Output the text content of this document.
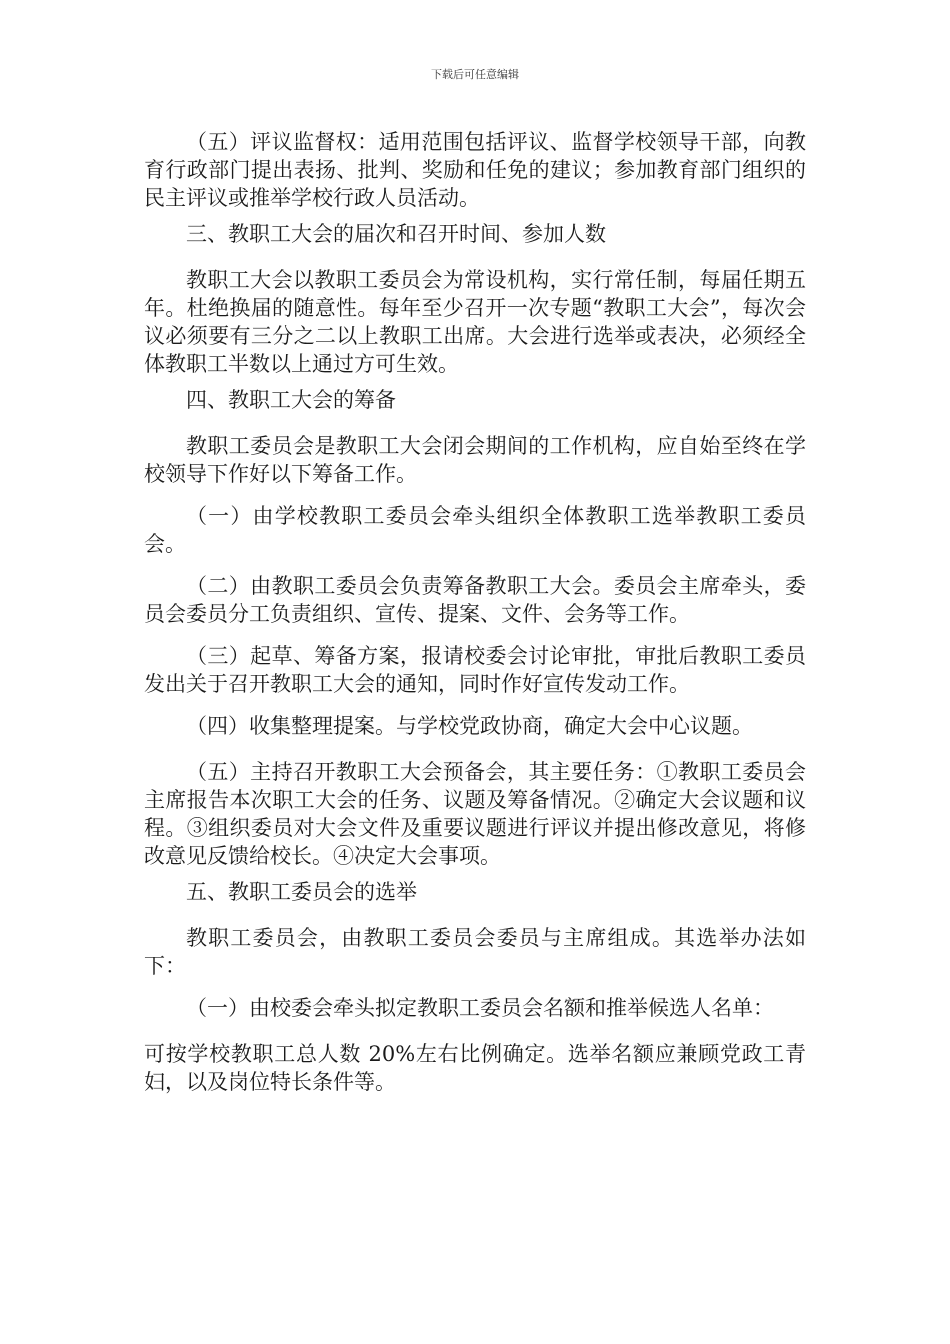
下载后可任意编辑

（五）评议监督权：适用范围包括评议、监督学校领导干部，向教育行政部门提出表扬、批判、奖励和任免的建议；参加教育部门组织的民主评议或推举学校行政人员活动。

三、教职工大会的届次和召开时间、参加人数

教职工大会以教职工委员会为常设机构，实行常任制，每届任期五年。杜绝换届的随意性。每年至少召开一次专题“教职工大会”，每次会议必须要有三分之二以上教职工出席。大会进行选举或表决，必须经全体教职工半数以上通过方可生效。

四、教职工大会的筹备

教职工委员会是教职工大会闭会期间的工作机构，应自始至终在学校领导下作好以下筹备工作。

（一）由学校教职工委员会牵头组织全体教职工选举教职工委员会。

（二）由教职工委员会负责筹备教职工大会。委员会主席牵头，委员会委员分工负责组织、宣传、提案、文件、会务等工作。

（三）起草、筹备方案，报请校委会讨论审批，审批后教职工委员发出关于召开教职工大会的通知，同时作好宣传发动工作。

（四）收集整理提案。与学校党政协商，确定大会中心议题。

（五）主持召开教职工大会预备会，其主要任务：①教职工委员会主席报告本次职工大会的任务、议题及筹备情况。②确定大会议题和议程。③组织委员对大会文件及重要议题进行评议并提出修改意见，将修改意见反馈给校长。④决定大会事项。

五、教职工委员会的选举

教职工委员会，由教职工委员会委员与主席组成。其选举办法如下：

（一）由校委会牵头拟定教职工委员会名额和推举候选人名单：

可按学校教职工总人数 20%左右比例确定。选举名额应兼顾党政工青妇，以及岗位特长条件等。
